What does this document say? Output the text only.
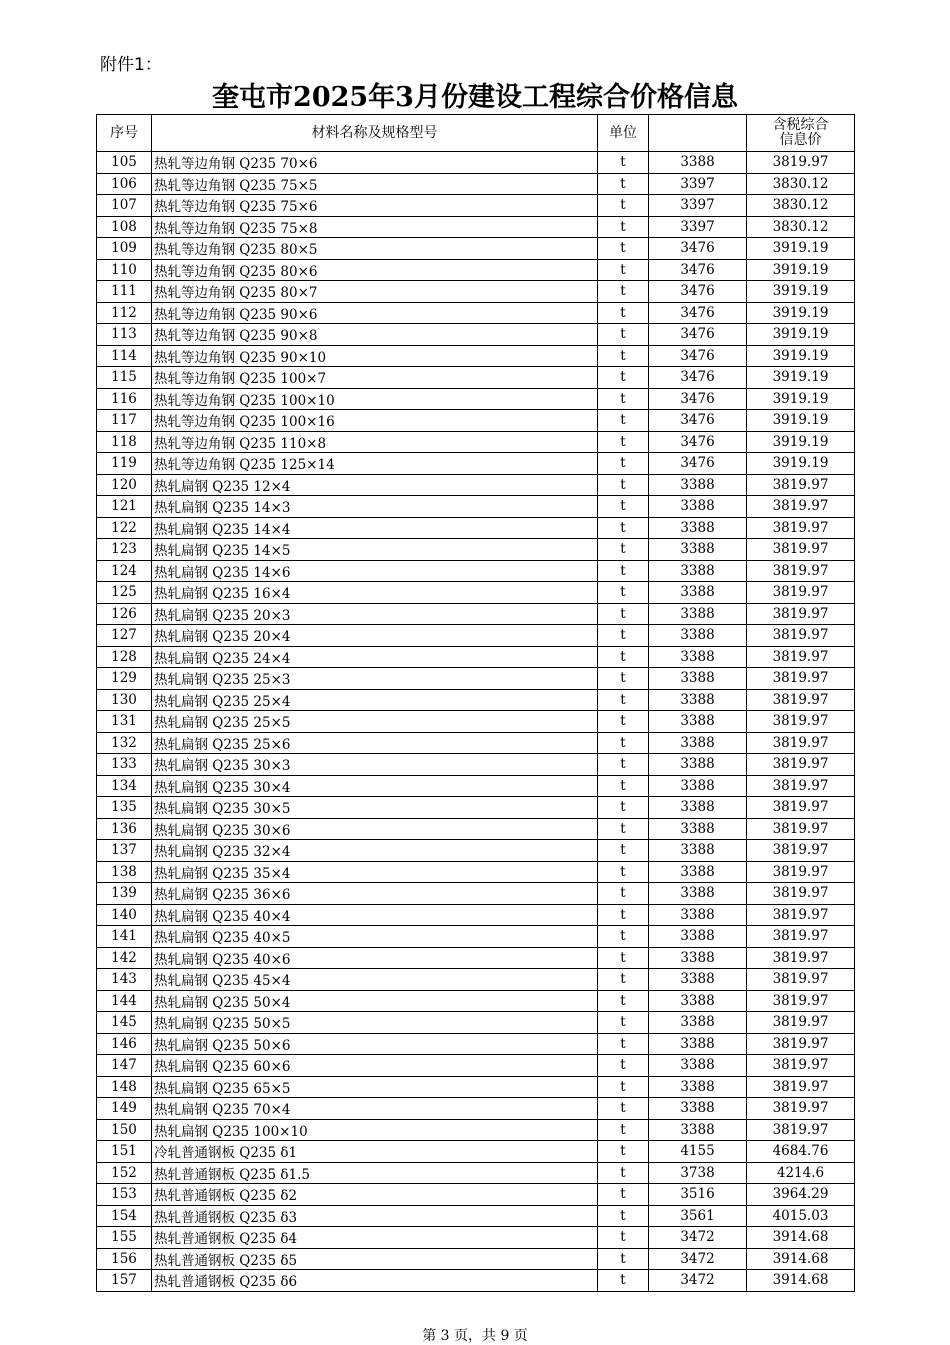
附件1：
奎屯市2025年3月份建设工程综合价格信息
序号	材料名称及规格型号	单位		含税综合
信息价
105	热轧等边角钢 Q235 70×6	t	3388	3819.97
106	热轧等边角钢 Q235 75×5	t	3397	3830.12
107	热轧等边角钢 Q235 75×6	t	3397	3830.12
108	热轧等边角钢 Q235 75×8	t	3397	3830.12
109	热轧等边角钢 Q235 80×5	t	3476	3919.19
110	热轧等边角钢 Q235 80×6	t	3476	3919.19
111	热轧等边角钢 Q235 80×7	t	3476	3919.19
112	热轧等边角钢 Q235 90×6	t	3476	3919.19
113	热轧等边角钢 Q235 90×8	t	3476	3919.19
114	热轧等边角钢 Q235 90×10	t	3476	3919.19
115	热轧等边角钢 Q235 100×7	t	3476	3919.19
116	热轧等边角钢 Q235 100×10	t	3476	3919.19
117	热轧等边角钢 Q235 100×16	t	3476	3919.19
118	热轧等边角钢 Q235 110×8	t	3476	3919.19
119	热轧等边角钢 Q235 125×14	t	3476	3919.19
120	热轧扁钢 Q235 12×4	t	3388	3819.97
121	热轧扁钢 Q235 14×3	t	3388	3819.97
122	热轧扁钢 Q235 14×4	t	3388	3819.97
123	热轧扁钢 Q235 14×5	t	3388	3819.97
124	热轧扁钢 Q235 14×6	t	3388	3819.97
125	热轧扁钢 Q235 16×4	t	3388	3819.97
126	热轧扁钢 Q235 20×3	t	3388	3819.97
127	热轧扁钢 Q235 20×4	t	3388	3819.97
128	热轧扁钢 Q235 24×4	t	3388	3819.97
129	热轧扁钢 Q235 25×3	t	3388	3819.97
130	热轧扁钢 Q235 25×4	t	3388	3819.97
131	热轧扁钢 Q235 25×5	t	3388	3819.97
132	热轧扁钢 Q235 25×6	t	3388	3819.97
133	热轧扁钢 Q235 30×3	t	3388	3819.97
134	热轧扁钢 Q235 30×4	t	3388	3819.97
135	热轧扁钢 Q235 30×5	t	3388	3819.97
136	热轧扁钢 Q235 30×6	t	3388	3819.97
137	热轧扁钢 Q235 32×4	t	3388	3819.97
138	热轧扁钢 Q235 35×4	t	3388	3819.97
139	热轧扁钢 Q235 36×6	t	3388	3819.97
140	热轧扁钢 Q235 40×4	t	3388	3819.97
141	热轧扁钢 Q235 40×5	t	3388	3819.97
142	热轧扁钢 Q235 40×6	t	3388	3819.97
143	热轧扁钢 Q235 45×4	t	3388	3819.97
144	热轧扁钢 Q235 50×4	t	3388	3819.97
145	热轧扁钢 Q235 50×5	t	3388	3819.97
146	热轧扁钢 Q235 50×6	t	3388	3819.97
147	热轧扁钢 Q235 60×6	t	3388	3819.97
148	热轧扁钢 Q235 65×5	t	3388	3819.97
149	热轧扁钢 Q235 70×4	t	3388	3819.97
150	热轧扁钢 Q235 100×10	t	3388	3819.97
151	冷轧普通钢板 Q235 δ1	t	4155	4684.76
152	热轧普通钢板 Q235 δ1.5	t	3738	4214.6
153	热轧普通钢板 Q235 δ2	t	3516	3964.29
154	热轧普通钢板 Q235 δ3	t	3561	4015.03
155	热轧普通钢板 Q235 δ4	t	3472	3914.68
156	热轧普通钢板 Q235 δ5	t	3472	3914.68
157	热轧普通钢板 Q235 δ6	t	3472	3914.68
第 3 页，共 9 页
